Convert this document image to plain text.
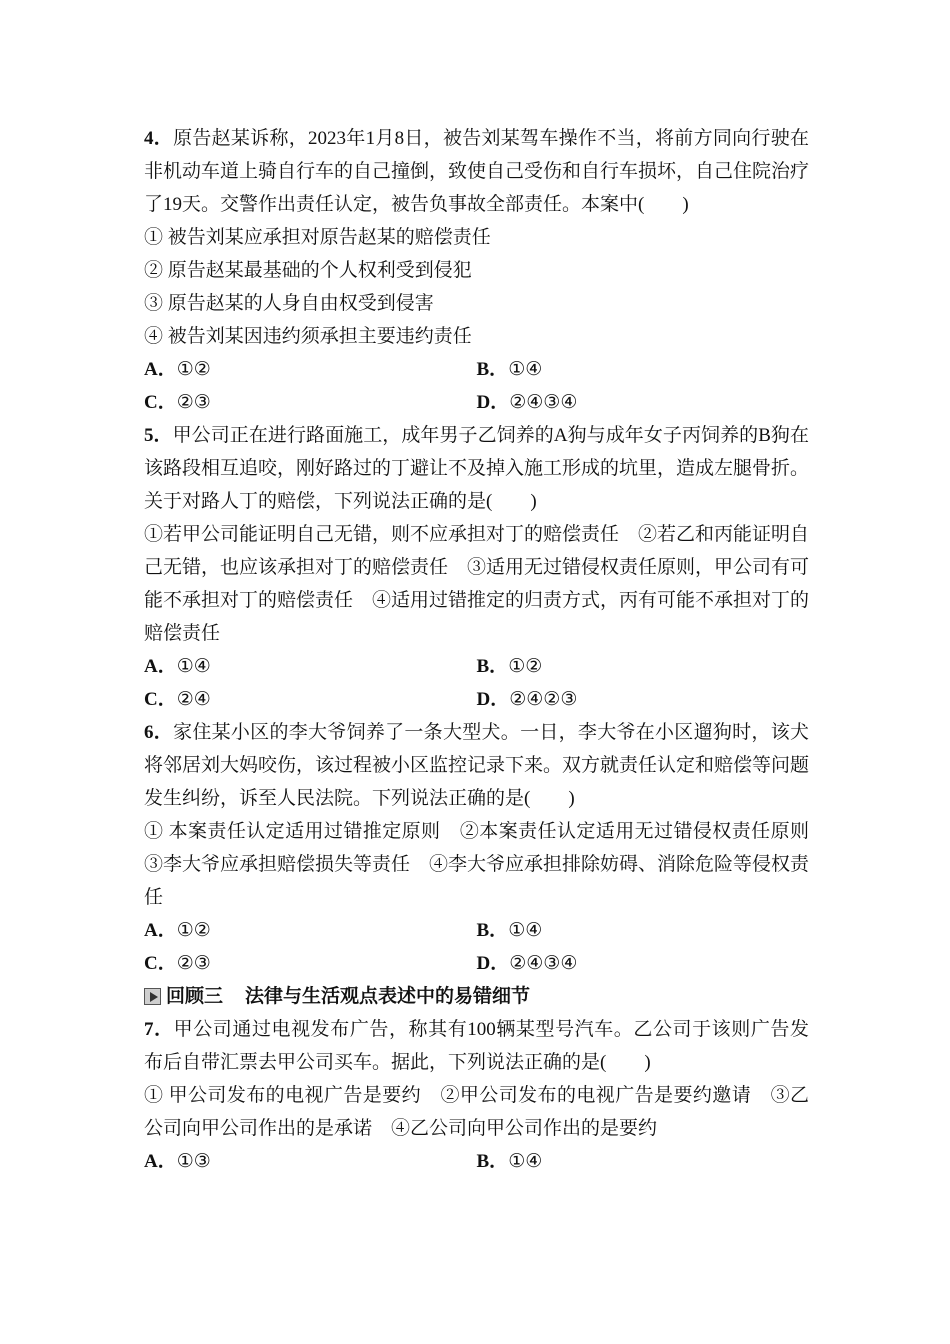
4．原告赵某诉称，2023年1月8日，被告刘某驾车操作不当，将前方同向行驶在非机动车道上骑自行车的自己撞倒，致使自己受伤和自行车损坏，自己住院治疗了19天。交警作出责任认定，被告负事故全部责任。本案中(　　)

① 被告刘某应承担对原告赵某的赔偿责任

② 原告赵某最基础的个人权利受到侵犯

③ 原告赵某的人身自由权受到侵害

④ 被告刘某因违约须承担主要违约责任

A．①②	B．①④
C．②③	D．②④③④

5．甲公司正在进行路面施工，成年男子乙饲养的A狗与成年女子丙饲养的B狗在该路段相互追咬，刚好路过的丁避让不及掉入施工形成的坑里，造成左腿骨折。关于对路人丁的赔偿，下列说法正确的是(　　)

①若甲公司能证明自己无错，则不应承担对丁的赔偿责任　②若乙和丙能证明自己无错，也应该承担对丁的赔偿责任　③适用无过错侵权责任原则，甲公司有可能不承担对丁的赔偿责任　④适用过错推定的归责方式，丙有可能不承担对丁的赔偿责任

A．①④	B．①②
C．②④	D．②④②③

6．家住某小区的李大爷饲养了一条大型犬。一日，李大爷在小区遛狗时，该犬将邻居刘大妈咬伤，该过程被小区监控记录下来。双方就责任认定和赔偿等问题发生纠纷，诉至人民法院。下列说法正确的是(　　)

① 本案责任认定适用过错推定原则　②本案责任认定适用无过错侵权责任原则　③李大爷应承担赔偿损失等责任　④李大爷应承担排除妨碍、消除危险等侵权责任

A．①②	B．①④
C．②③	D．②④③④
回顾三 法律与生活观点表述中的易错细节

7．甲公司通过电视发布广告，称其有100辆某型号汽车。乙公司于该则广告发布后自带汇票去甲公司买车。据此，下列说法正确的是(　　)

① 甲公司发布的电视广告是要约　②甲公司发布的电视广告是要约邀请　③乙公司向甲公司作出的是承诺　④乙公司向甲公司作出的是要约

A．①③	B．①④
